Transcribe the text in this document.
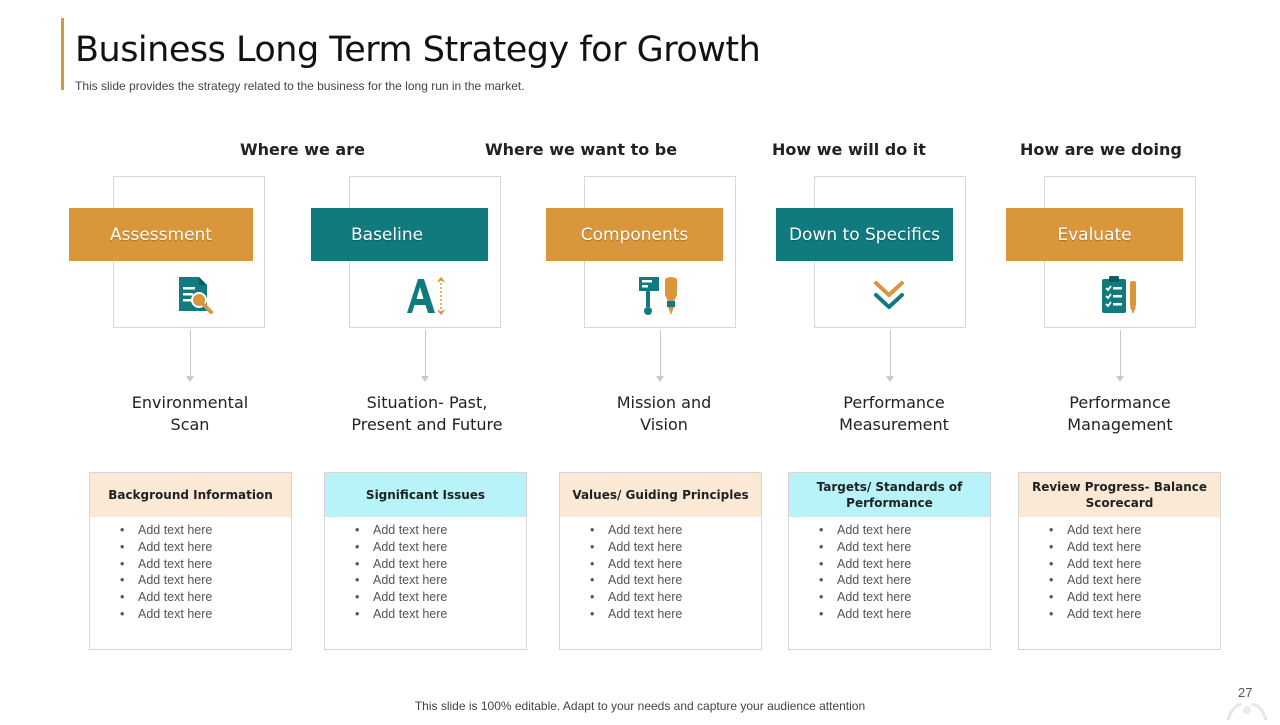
Business Long Term Strategy for Growth
This slide provides the strategy related to the business for the long run in the market.
Where we are	Where we want to be	How we will do it	How are we doing
Assessment
Environmental
Scan
Background Information
• Add text here
• Add text here
• Add text here
• Add text here
• Add text here
• Add text here
Baseline
Situation- Past,
Present and Future
Significant Issues
• Add text here
• Add text here
• Add text here
• Add text here
• Add text here
• Add text here
Components
Mission and
Vision
Values/ Guiding Principles
• Add text here
• Add text here
• Add text here
• Add text here
• Add text here
• Add text here
Down to Specifics
Performance
Measurement
Targets/ Standards of Performance
• Add text here
• Add text here
• Add text here
• Add text here
• Add text here
• Add text here
Evaluate
Performance
Management
Review Progress- Balance Scorecard
• Add text here
• Add text here
• Add text here
• Add text here
• Add text here
• Add text here
This slide is 100% editable. Adapt to your needs and capture your audience attention
27
